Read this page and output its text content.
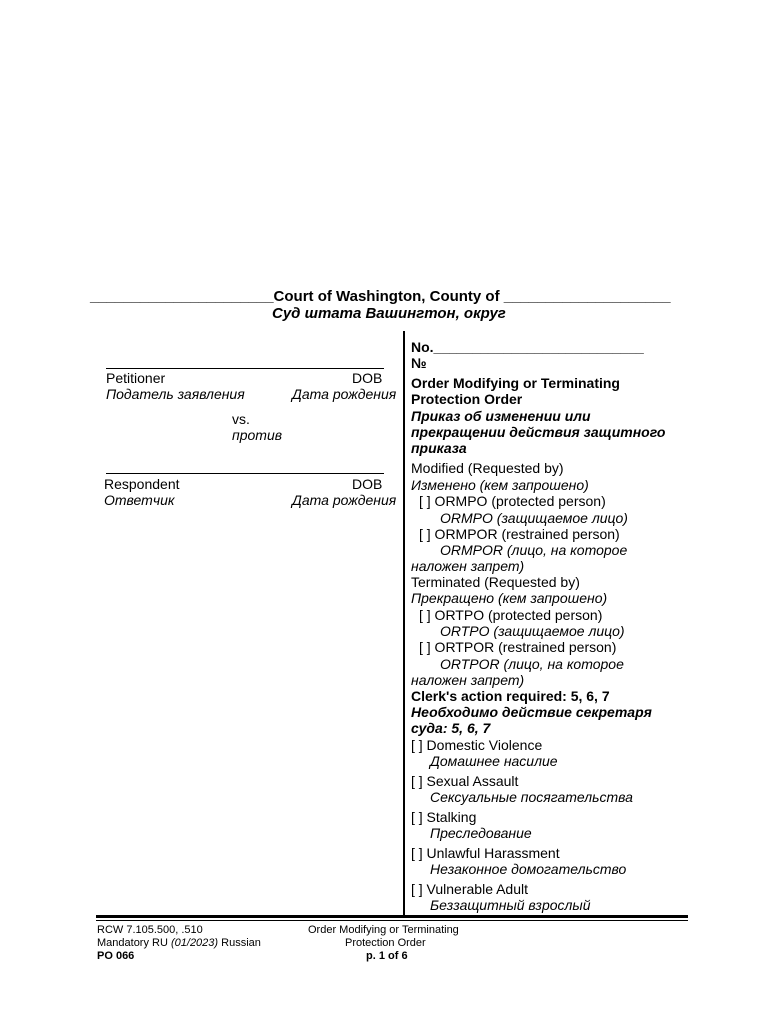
______________________Court of Washington, County of ____________________
Суд штата Вашингтон, округ
Petitioner	DOB
Податель заявления	Дата рождения
vs.
против
Respondent	DOB
Ответчик	Дата рождения
No.___________________________
№
Order Modifying or Terminating
Protection Order
Приказ об изменении или
прекращении действия защитного
приказа
Modified (Requested by)
Изменено (кем запрошено)
[ ] ORMPO (protected person)
ORMPO (защищаемое лицо)
[ ] ORMPOR (restrained person)
ORMPOR (лицо, на которое
наложен запрет)
Terminated (Requested by)
Прекращено (кем запрошено)
[ ] ORTPO (protected person)
ORTPO (защищаемое лицо)
[ ] ORTPOR (restrained person)
ORTPOR (лицо, на которое
наложен запрет)
Clerk's action required: 5, 6, 7
Необходимо действие секретаря
суда: 5, 6, 7
[ ] Domestic Violence
Домашнее насилие
[ ] Sexual Assault
Сексуальные посягательства
[ ] Stalking
Преследование
[ ] Unlawful Harassment
Незаконное домогательство
[ ] Vulnerable Adult
Беззащитный взрослый
RCW 7.105.500, .510
Mandatory RU (01/2023) Russian
PO 066
Order Modifying or Terminating
Protection Order
p. 1 of 6
